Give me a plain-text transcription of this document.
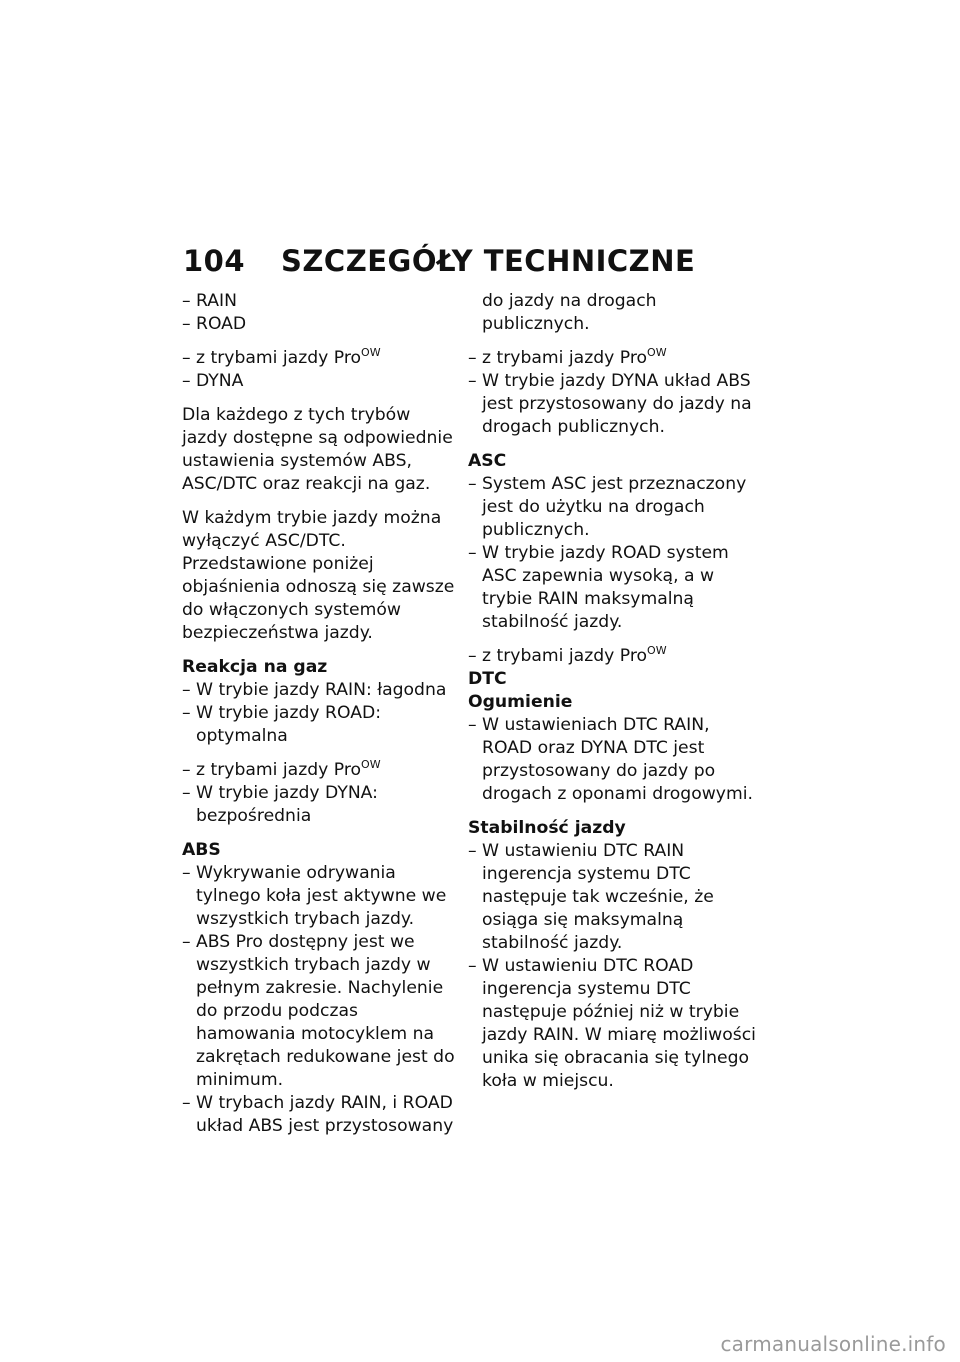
104 SZCZEGÓŁY TECHNICZNE
– RAIN
– ROAD
– z trybami jazdy Pro$^{OW}$
– DYNA

Dla każdego z tych trybów jazdy dostępne są odpowiednie ustawienia systemów ABS, ASC/DTC oraz reakcji na gaz.

W każdym trybie jazdy można wyłączyć ASC/DTC. Przedstawione poniżej objaśnienia odnoszą się zawsze do włączonych systemów bezpieczeństwa jazdy.

Reakcja na gaz
– W trybie jazdy RAIN: łagodna
– W trybie jazdy ROAD: optymalna
– z trybami jazdy Pro$^{OW}$
– W trybie jazdy DYNA: bezpośrednia
ABS
– Wykrywanie odrywania tylnego koła jest aktywne we wszystkich trybach jazdy.
– ABS Pro dostępny jest we wszystkich trybach jazdy w pełnym zakresie. Nachylenie do przodu podczas hamowania motocyklem na zakrętach redukowane jest do minimum.
– W trybach jazdy RAIN, i ROAD układ ABS jest przystosowany

do jazdy na drogach publicznych.

– z trybami jazdy Pro$^{OW}$
– W trybie jazdy DYNA układ ABS jest przystosowany do jazdy na drogach publicznych.
ASC
– System ASC jest przeznaczony jest do użytku na drogach publicznych.
– W trybie jazdy ROAD system ASC zapewnia wysoką, a w trybie RAIN maksymalną stabilność jazdy.
– z trybami jazdy Pro$^{OW}$
DTC
Ogumienie
– W ustawieniach DTC RAIN, ROAD oraz DYNA DTC jest przystosowany do jazdy po drogach z oponami drogowymi.
Stabilność jazdy
– W ustawieniu DTC RAIN ingerencja systemu DTC następuje tak wcześnie, że osiąga się maksymalną stabilność jazdy.
– W ustawieniu DTC ROAD ingerencja systemu DTC następuje później niż w trybie jazdy RAIN. W miarę możliwości unika się obracania się tylnego koła w miejscu.
carmanualsonline.info
